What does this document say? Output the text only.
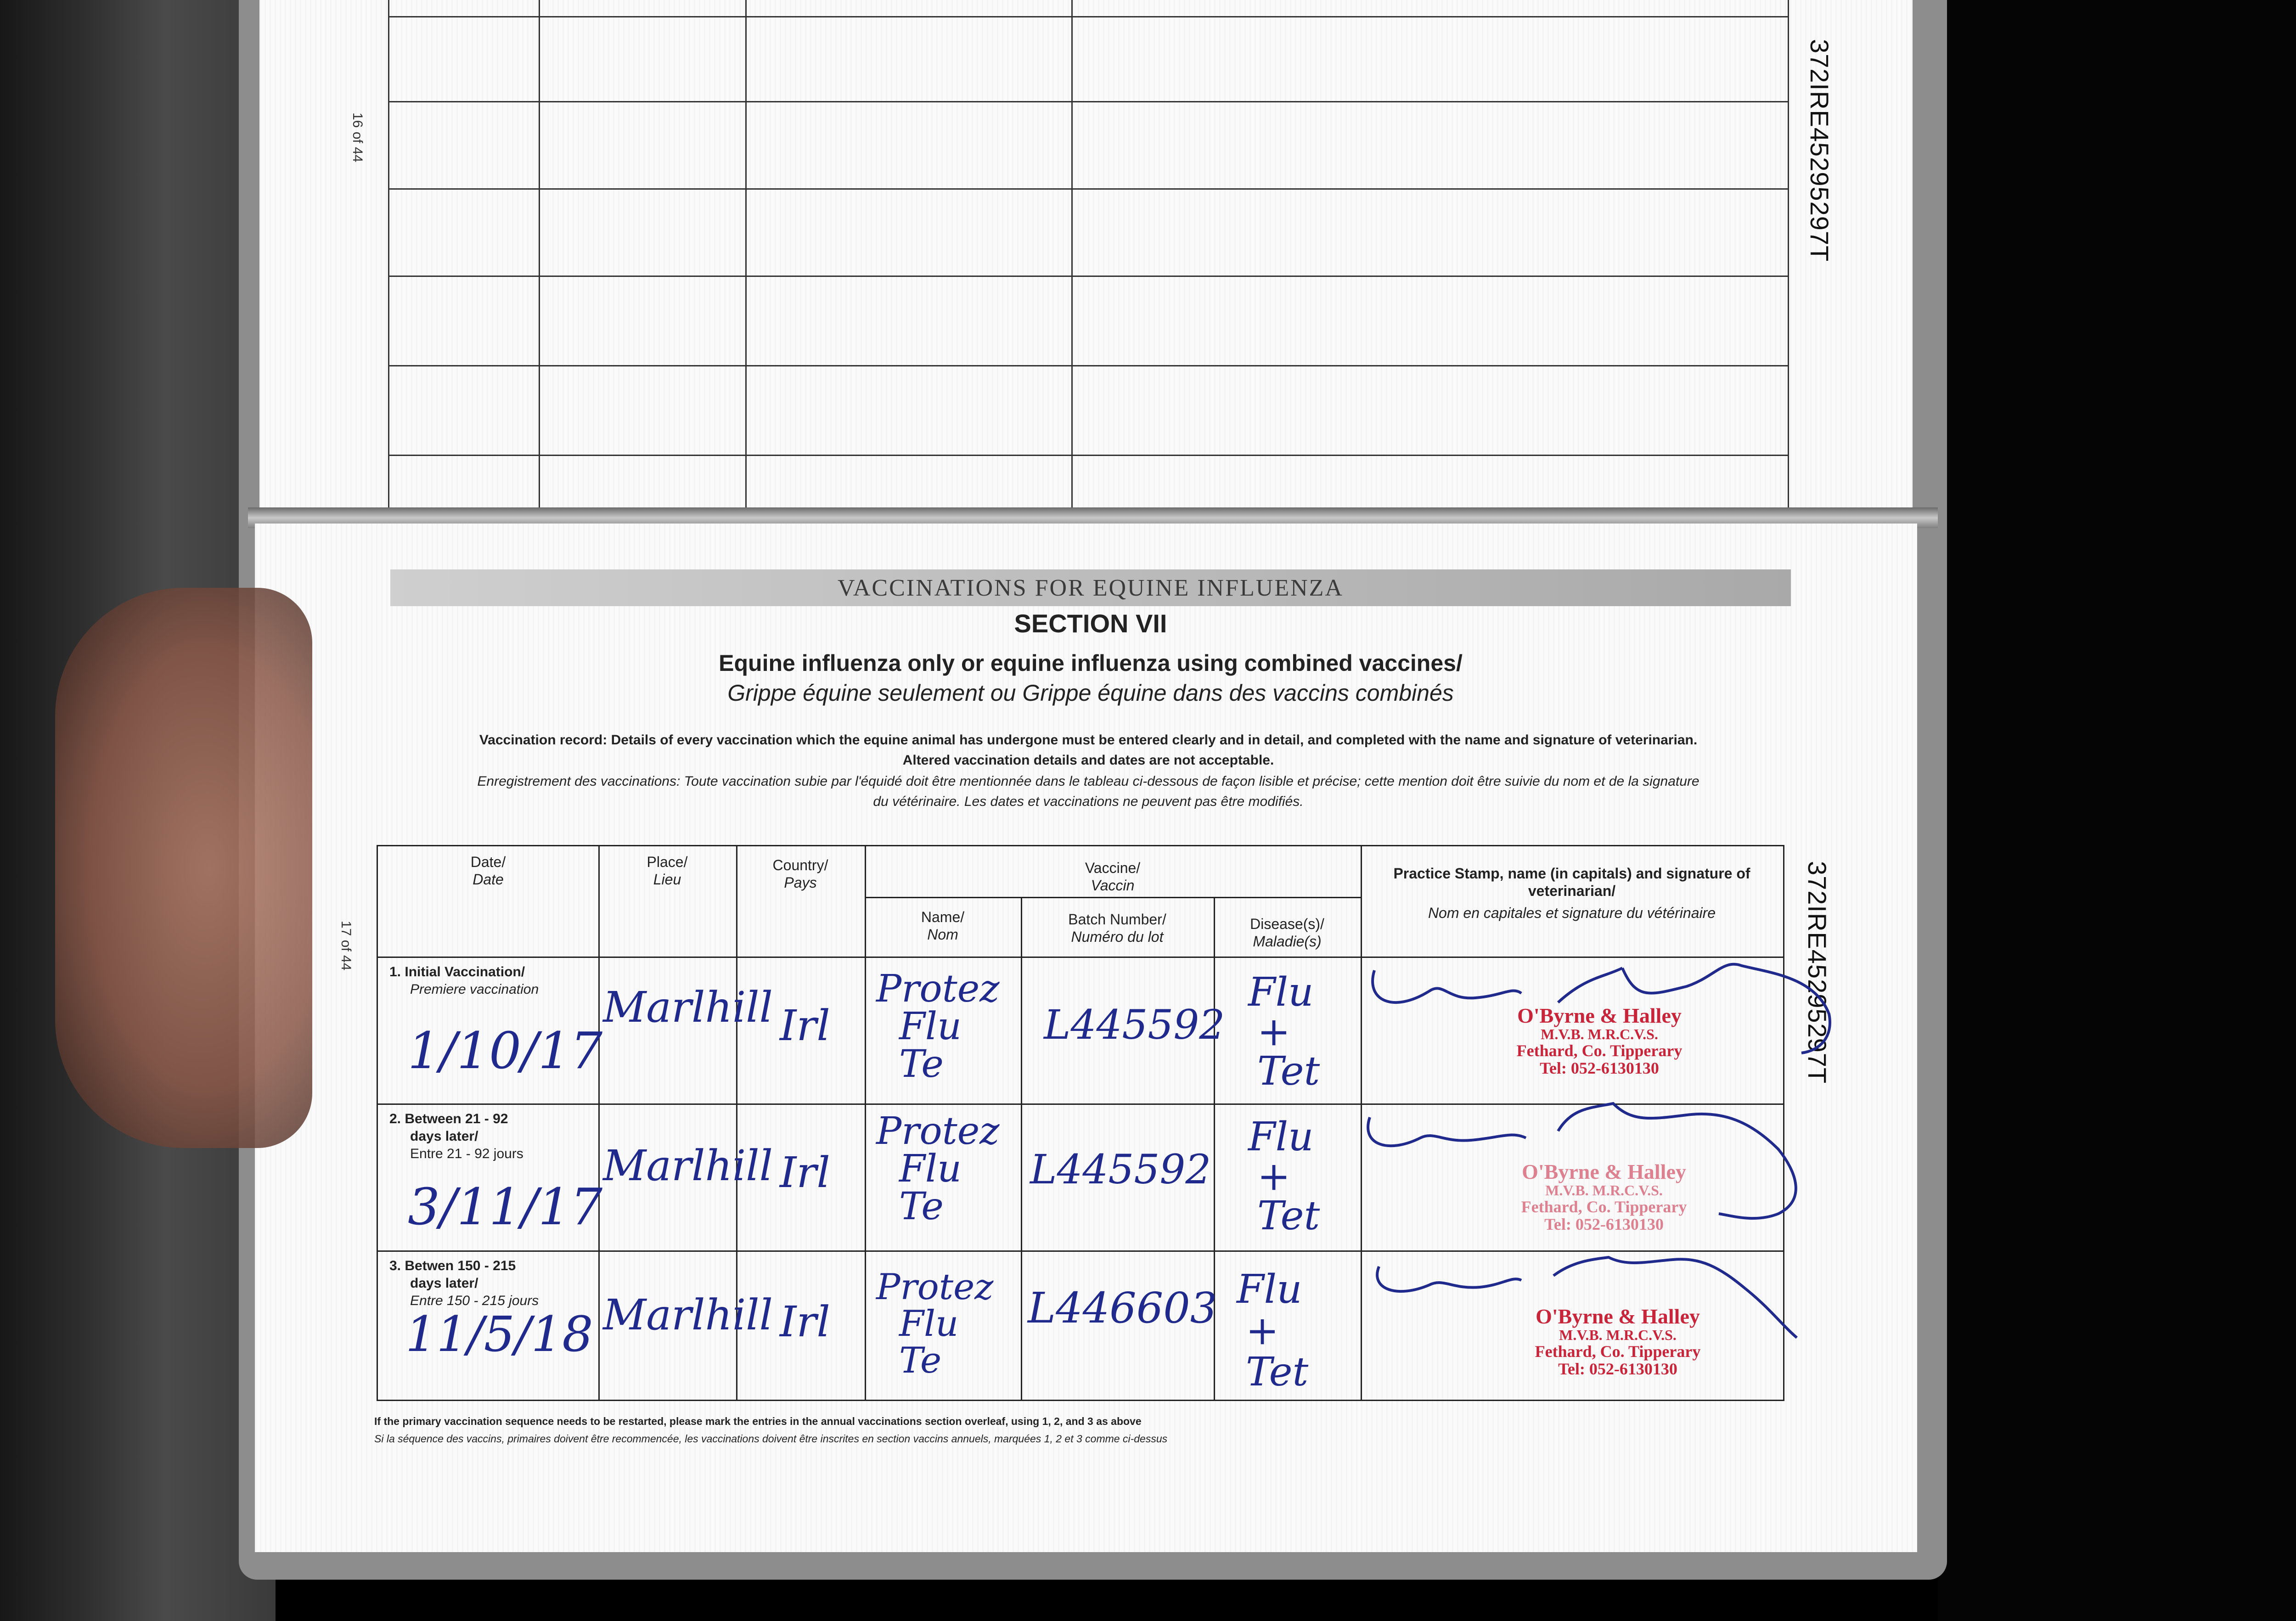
16 of 44	372IRE45295297T
17 of 44	372IRE45295297T
VACCINATIONS FOR EQUINE INFLUENZA
SECTION VII
Equine influenza only or equine influenza using combined vaccines/
Grippe équine seulement ou Grippe équine dans des vaccins combinés
Vaccination record: Details of every vaccination which the equine animal has undergone must be entered clearly and in detail, and completed with the name and signature of veterinarian.
Altered vaccination details and dates are not acceptable.
Enregistrement des vaccinations: Toute vaccination subie par l'équidé doit être mentionnée dans le tableau ci-dessous de façon lisible et précise; cette mention doit être suivie du nom et de la signature
du vétérinaire. Les dates et vaccinations ne peuvent pas être modifiés.
Date/
Date
Place/
Lieu
Country/
Pays
Vaccine/
Vaccin
Name/
Nom
Batch Number/
Numéro du lot
Disease(s)/
Maladie(s)
Practice Stamp, name (in capitals) and signature of veterinarian/
Nom en capitales et signature du vétérinaire
1. Initial Vaccination/
Premiere vaccination
1/10/17
Marlhill Irl
Protez
Flu
Te
L445592
Flu
+
Tet
O'Byrne & Halley
M.V.B. M.R.C.V.S.
Fethard, Co. Tipperary
Tel: 052-6130130
2. Between 21 - 92
days later/
Entre 21 - 92 jours
3/11/17
Marlhill Irl
Protez
Flu
Te
L445592
Flu
+
Tet
O'Byrne & Halley
M.V.B. M.R.C.V.S.
Fethard, Co. Tipperary
Tel: 052-6130130
3. Betwen 150 - 215
days later/
Entre 150 - 215 jours
11/5/18 Marlhill Irl
Protez
Flu
Te
L446603 Flu
+
Tet
O'Byrne & Halley
M.V.B. M.R.C.V.S.
Fethard, Co. Tipperary
Tel: 052-6130130
If the primary vaccination sequence needs to be restarted, please mark the entries in the annual vaccinations section overleaf, using 1, 2, and 3 as above
Si la séquence des vaccins, primaires doivent être recommencée, les vaccinations doivent être inscrites en section vaccins annuels, marquées 1, 2 et 3 comme ci-dessus
